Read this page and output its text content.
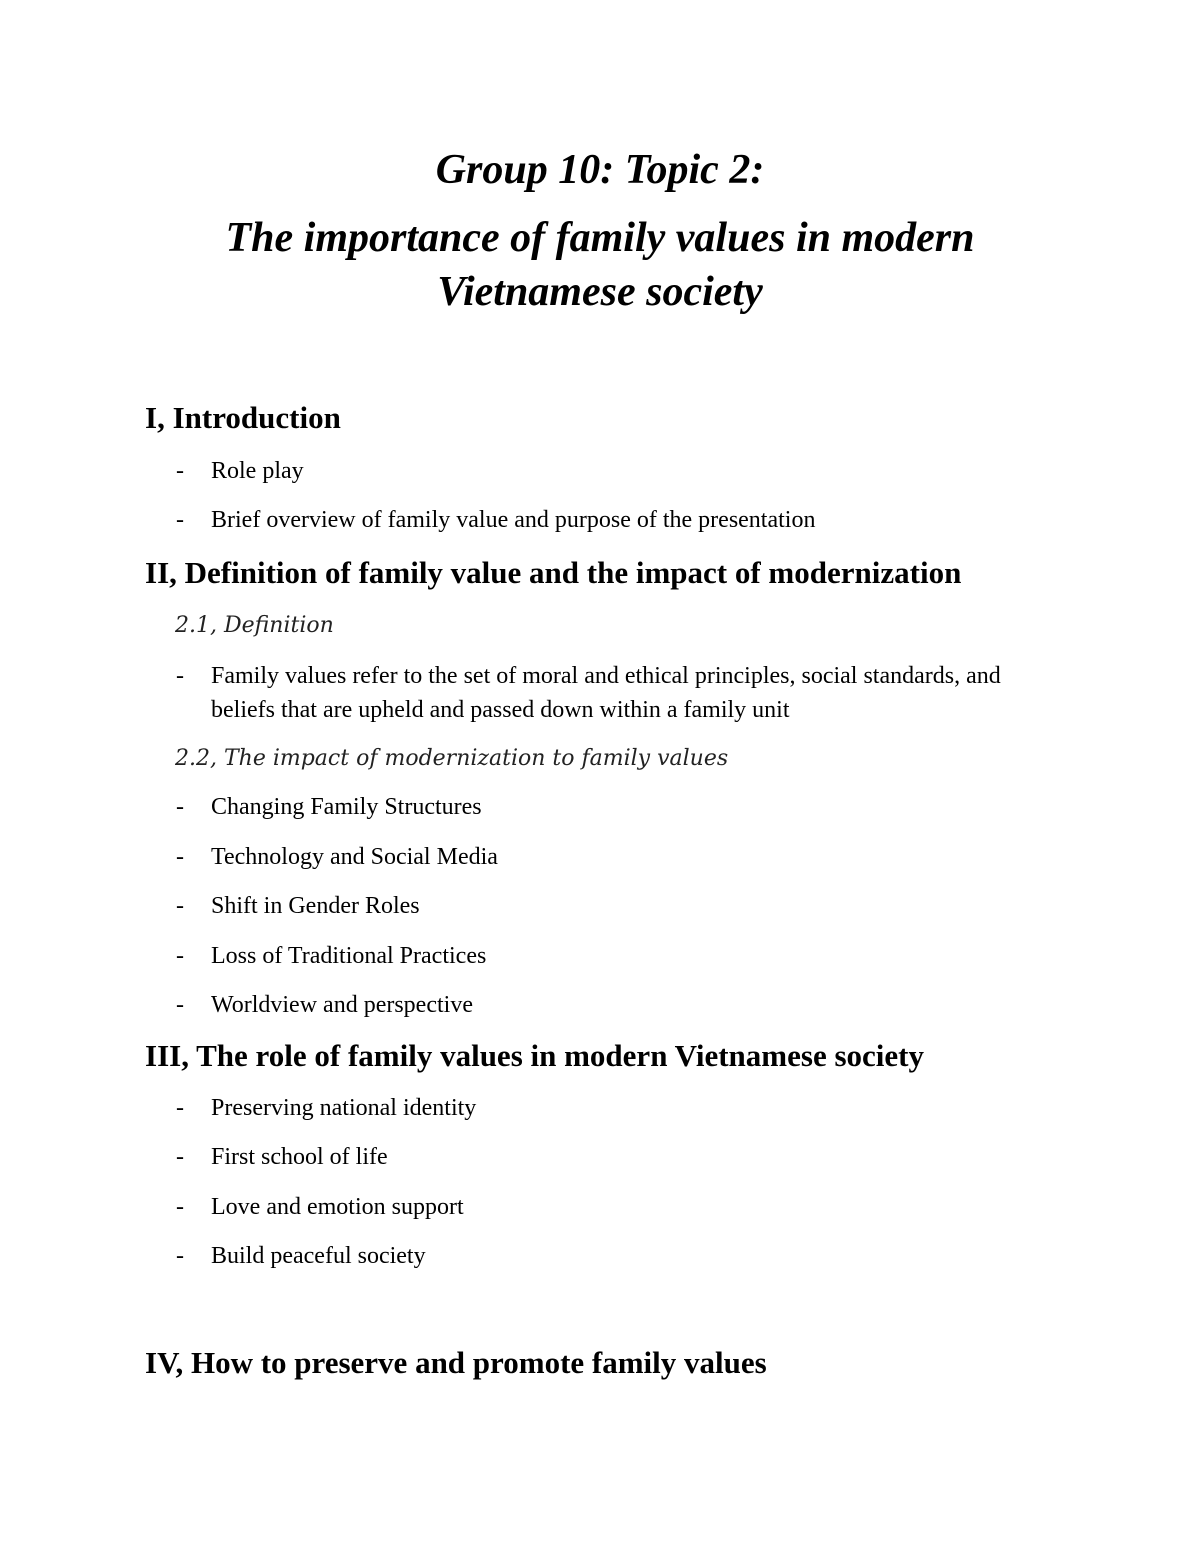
Group 10: Topic 2:
The importance of family values in modern
Vietnamese society
I, Introduction
- Role play
- Brief overview of family value and purpose of the presentation
II, Definition of family value and the impact of modernization
2.1, Definition
- Family values refer to the set of moral and ethical principles, social standards, and beliefs that are upheld and passed down within a family unit
2.2, The impact of modernization to family values
- Changing Family Structures
- Technology and Social Media
- Shift in Gender Roles
- Loss of Traditional Practices
- Worldview and perspective
III, The role of family values in modern Vietnamese society
- Preserving national identity
- First school of life
- Love and emotion support
- Build peaceful society
IV, How to preserve and promote family values
